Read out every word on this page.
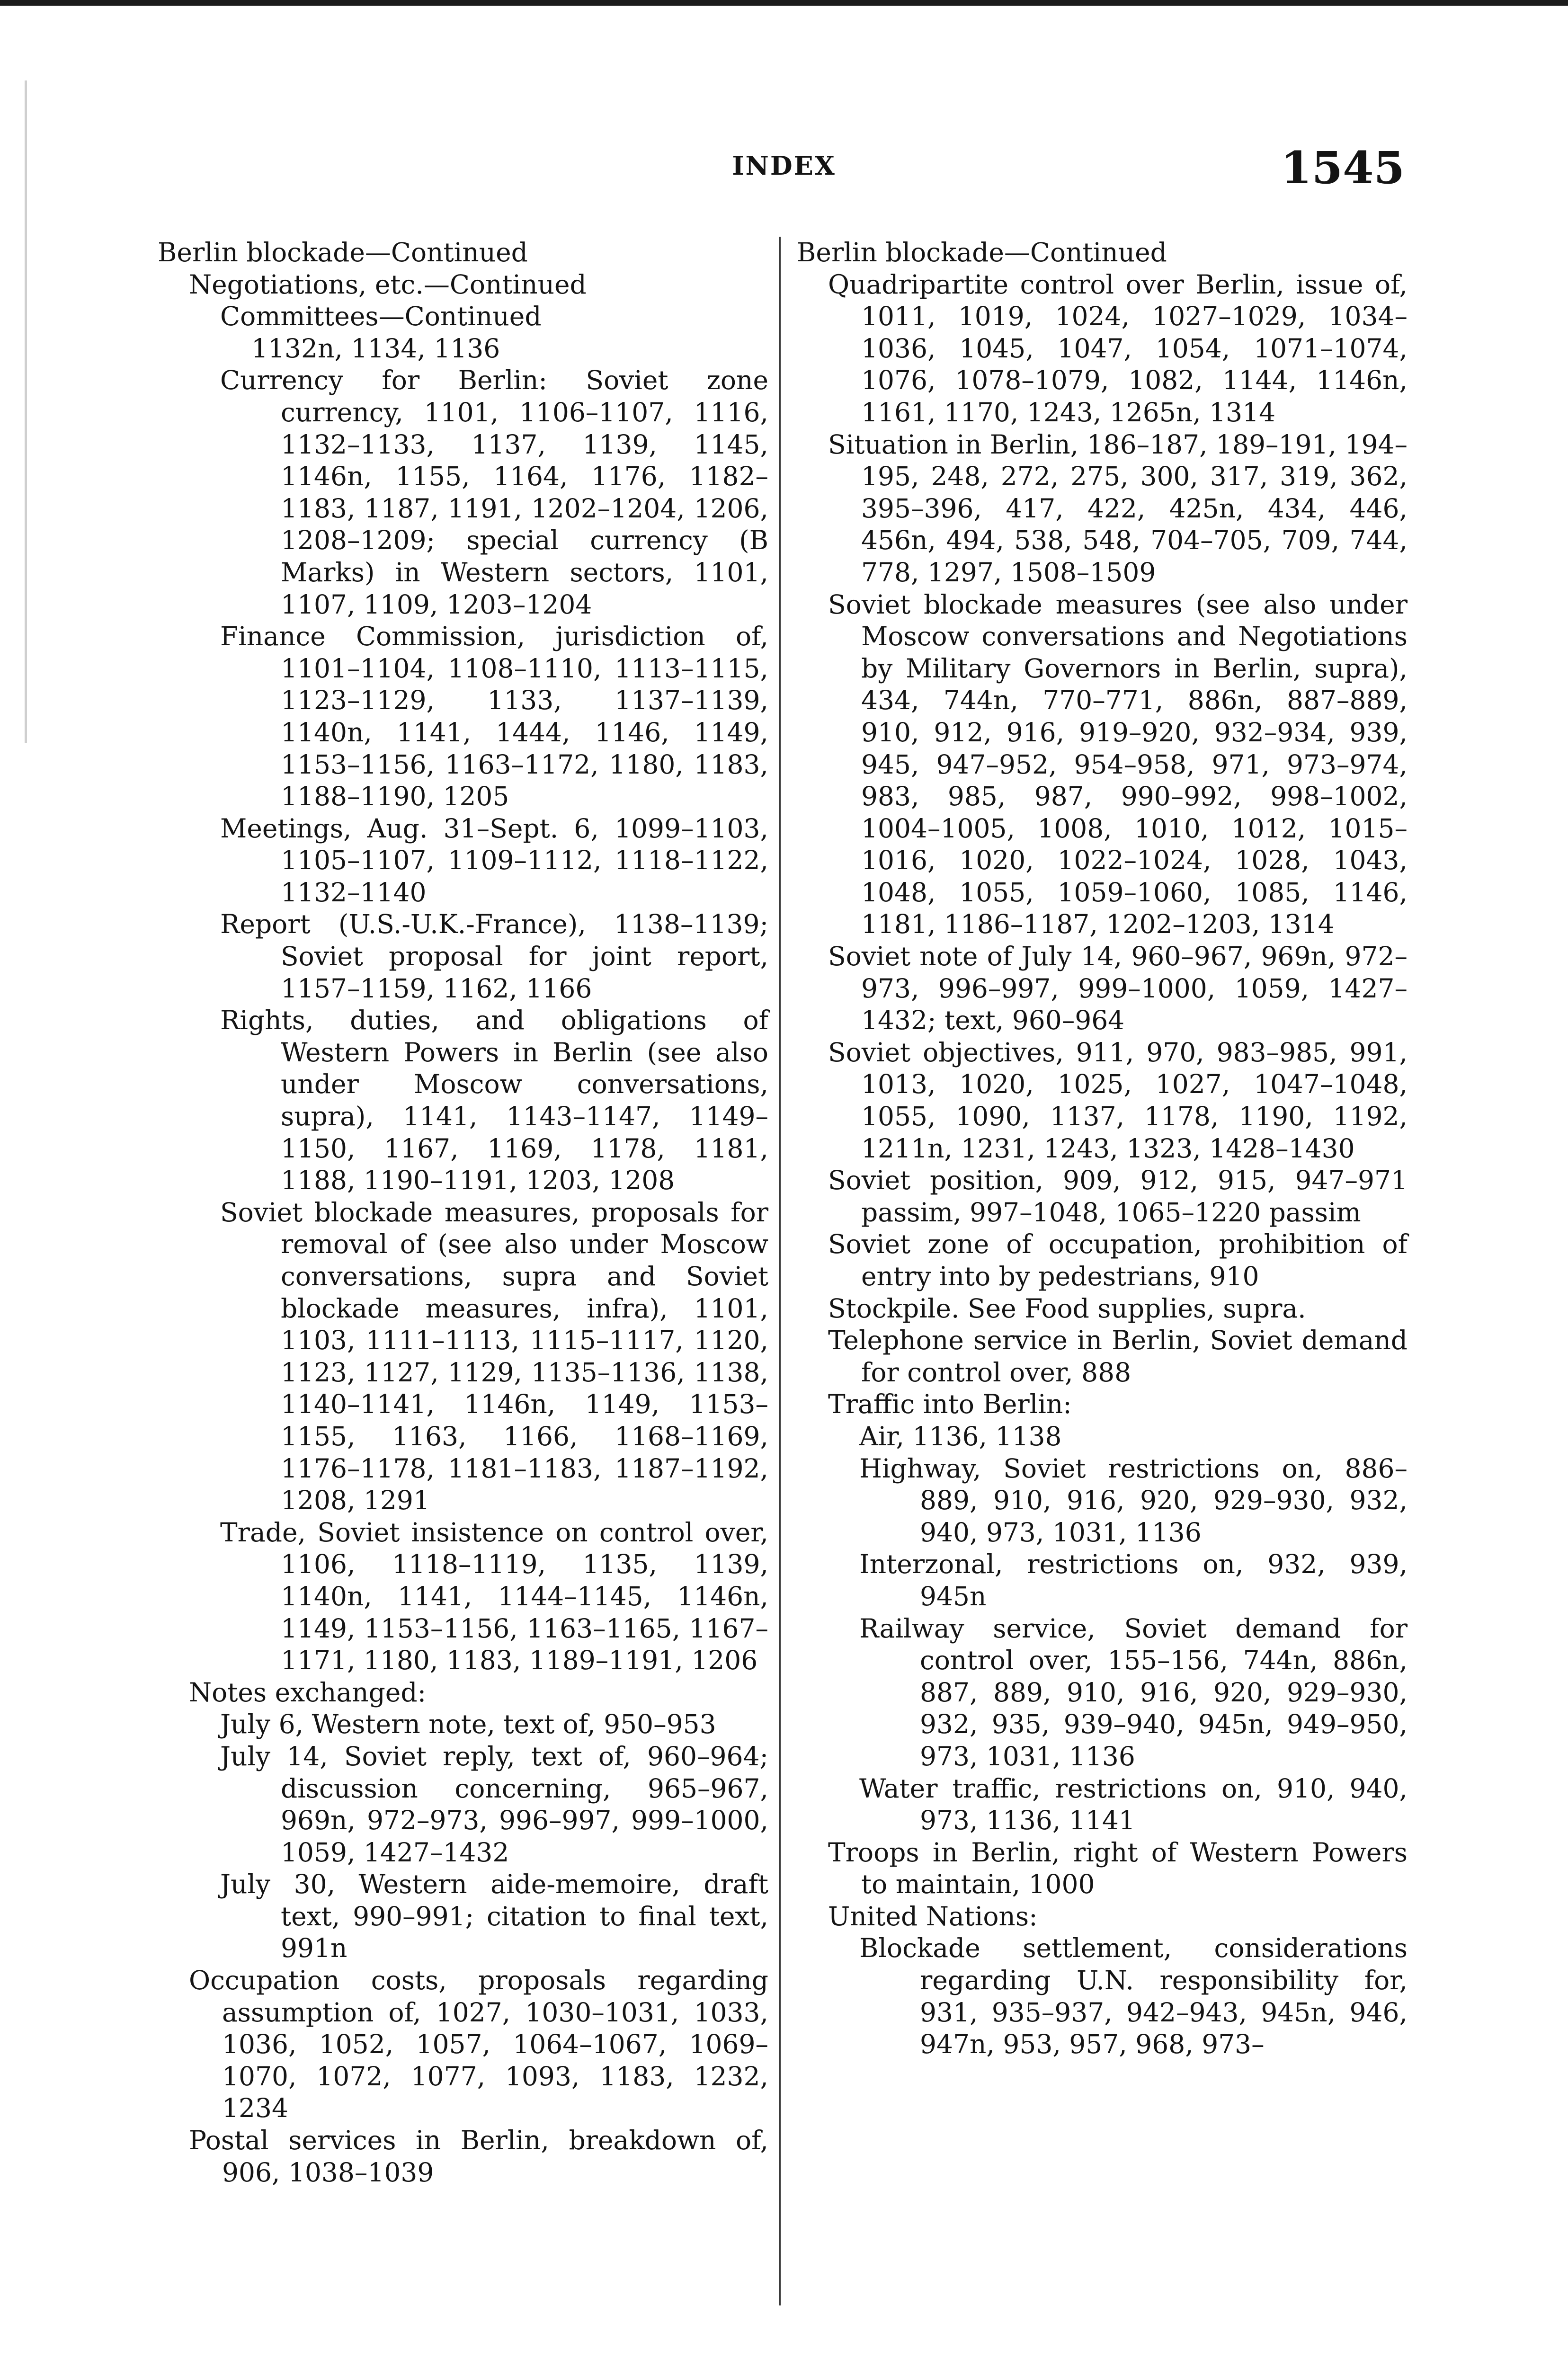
INDEX	1545

Berlin blockade—Continued

Negotiations, etc.—Continued

Committees—Continued

1132n, 1134, 1136

Currency for Berlin: Soviet zone currency, 1101, 1106–1107, 1116, 1132–1133, 1137, 1139, 1145, 1146n, 1155, 1164, 1176, 1182–1183, 1187, 1191, 1202–1204, 1206, 1208–1209; special currency (B Marks) in Western sectors, 1101, 1107, 1109, 1203–1204

Finance Commission, jurisdiction of, 1101–1104, 1108–1110, 1113–1115, 1123–1129, 1133, 1137–1139, 1140n, 1141, 1444, 1146, 1149, 1153–1156, 1163–1172, 1180, 1183, 1188–1190, 1205

Meetings, Aug. 31–Sept. 6, 1099–1103, 1105–1107, 1109–1112, 1118–1122, 1132–1140

Report (U.S.-U.K.-France), 1138–1139; Soviet proposal for joint report, 1157–1159, 1162, 1166

Rights, duties, and obligations of Western Powers in Berlin (see also under Moscow conversations, supra), 1141, 1143–1147, 1149–1150, 1167, 1169, 1178, 1181, 1188, 1190–1191, 1203, 1208

Soviet blockade measures, proposals for removal of (see also under Moscow conversations, supra and Soviet blockade measures, infra), 1101, 1103, 1111–1113, 1115–1117, 1120, 1123, 1127, 1129, 1135–1136, 1138, 1140–1141, 1146n, 1149, 1153–1155, 1163, 1166, 1168–1169, 1176–1178, 1181–1183, 1187–1192, 1208, 1291

Trade, Soviet insistence on control over, 1106, 1118–1119, 1135, 1139, 1140n, 1141, 1144–1145, 1146n, 1149, 1153–1156, 1163–1165, 1167–1171, 1180, 1183, 1189–1191, 1206

Notes exchanged:

July 6, Western note, text of, 950–953

July 14, Soviet reply, text of, 960–964; discussion concerning, 965–967, 969n, 972–973, 996–997, 999–1000, 1059, 1427–1432

July 30, Western aide-memoire, draft text, 990–991; citation to final text, 991n

Occupation costs, proposals regarding assumption of, 1027, 1030–1031, 1033, 1036, 1052, 1057, 1064–1067, 1069–1070, 1072, 1077, 1093, 1183, 1232, 1234

Postal services in Berlin, breakdown of, 906, 1038–1039

Berlin blockade—Continued

Quadripartite control over Berlin, issue of, 1011, 1019, 1024, 1027–1029, 1034–1036, 1045, 1047, 1054, 1071–1074, 1076, 1078–1079, 1082, 1144, 1146n, 1161, 1170, 1243, 1265n, 1314

Situation in Berlin, 186–187, 189–191, 194–195, 248, 272, 275, 300, 317, 319, 362, 395–396, 417, 422, 425n, 434, 446, 456n, 494, 538, 548, 704–705, 709, 744, 778, 1297, 1508–1509

Soviet blockade measures (see also under Moscow conversations and Negotiations by Military Governors in Berlin, supra), 434, 744n, 770–771, 886n, 887–889, 910, 912, 916, 919–920, 932–934, 939, 945, 947–952, 954–958, 971, 973–974, 983, 985, 987, 990–992, 998–1002, 1004–1005, 1008, 1010, 1012, 1015–1016, 1020, 1022–1024, 1028, 1043, 1048, 1055, 1059–1060, 1085, 1146, 1181, 1186–1187, 1202–1203, 1314

Soviet note of July 14, 960–967, 969n, 972–973, 996–997, 999–1000, 1059, 1427–1432; text, 960–964

Soviet objectives, 911, 970, 983–985, 991, 1013, 1020, 1025, 1027, 1047–1048, 1055, 1090, 1137, 1178, 1190, 1192, 1211n, 1231, 1243, 1323, 1428–1430

Soviet position, 909, 912, 915, 947–971 passim, 997–1048, 1065–1220 passim

Soviet zone of occupation, prohibition of entry into by pedestrians, 910

Stockpile. See Food supplies, supra.

Telephone service in Berlin, Soviet demand for control over, 888

Traffic into Berlin:

Air, 1136, 1138

Highway, Soviet restrictions on, 886–889, 910, 916, 920, 929–930, 932, 940, 973, 1031, 1136

Interzonal, restrictions on, 932, 939, 945n

Railway service, Soviet demand for control over, 155–156, 744n, 886n, 887, 889, 910, 916, 920, 929–930, 932, 935, 939–940, 945n, 949–950, 973, 1031, 1136

Water traffic, restrictions on, 910, 940, 973, 1136, 1141

Troops in Berlin, right of Western Powers to maintain, 1000

United Nations:

Blockade settlement, considerations regarding U.N. responsibility for, 931, 935–937, 942–943, 945n, 946, 947n, 953, 957, 968, 973–
